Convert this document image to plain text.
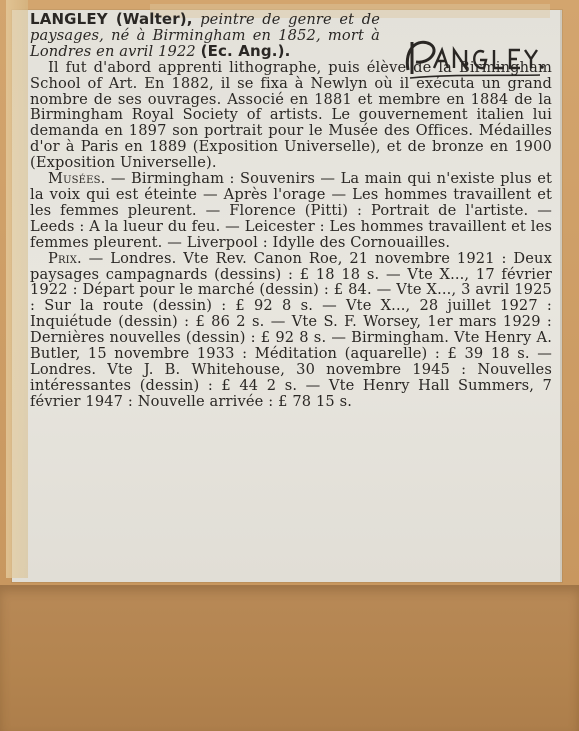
LANGLEY (Walter), peintre de genre et de paysages, né à Birmingham en 1852, mort à Londres en avril 1922 (Ec. Ang.).

Il fut d'abord apprenti lithographe, puis élève de la Birmingham School of Art. En 1882, il se fixa à Newlyn où il exécuta un grand nombre de ses ouvrages. Associé en 1881 et membre en 1884 de la Birmingham Royal Society of artists. Le gouvernement italien lui demanda en 1897 son portrait pour le Musée des Offices. Médailles d'or à Paris en 1889 (Exposition Universelle), et de bronze en 1900 (Exposition Universelle).

Musées. — Birmingham : Souvenirs — La main qui n'existe plus et la voix qui est éteinte — Après l'orage — Les hommes travaillent et les femmes pleurent. — Florence (Pitti) : Portrait de l'artiste. — Leeds : A la lueur du feu. — Leicester : Les hommes travaillent et les femmes pleurent. — Liverpool : Idylle des Cornouailles.

Prix. — Londres. Vte Rev. Canon Roe, 21 novembre 1921 : Deux paysages campagnards (dessins) : £ 18 18 s. — Vte X..., 17 février 1922 : Départ pour le marché (dessin) : £ 84. — Vte X..., 3 avril 1925 : Sur la route (dessin) : £ 92 8 s. — Vte X..., 28 juillet 1927 : Inquiétude (dessin) : £ 86 2 s. — Vte S. F. Worsey, 1er mars 1929 : Dernières nouvelles (dessin) : £ 92 8 s. — Birmingham. Vte Henry A. Butler, 15 novembre 1933 : Méditation (aquarelle) : £ 39 18 s. — Londres. Vte J. B. Whitehouse, 30 novembre 1945 : Nouvelles intéressantes (dessin) : £ 44 2 s. — Vte Henry Hall Summers, 7 février 1947 : Nouvelle arrivée : £ 78 15 s.
